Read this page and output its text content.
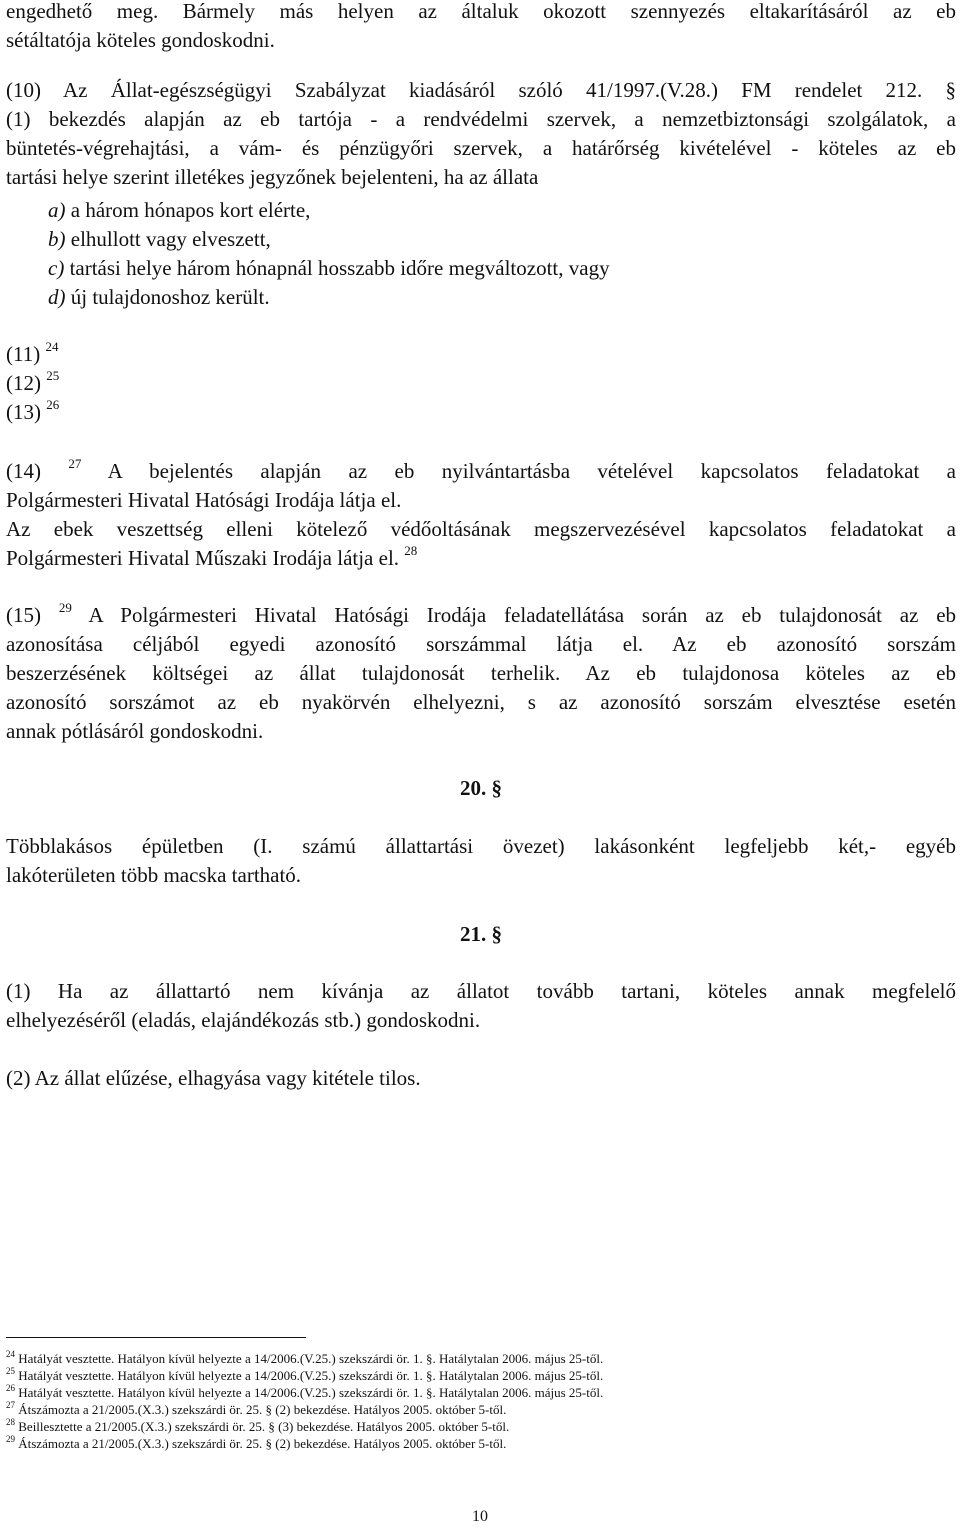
engedhető meg. Bármely más helyen az általuk okozott szennyezés eltakarításáról az eb
sétáltatója köteles gondoskodni.
(10) Az Állat-egészségügyi Szabályzat kiadásáról szóló 41/1997.(V.28.) FM rendelet 212. §
(1) bekezdés alapján az eb tartója - a rendvédelmi szervek, a nemzetbiztonsági szolgálatok, a
büntetés-végrehajtási, a vám- és pénzügyőri szervek, a határőrség kivételével - köteles az eb
tartási helye szerint illetékes jegyzőnek bejelenteni, ha az állata
a) a három hónapos kort elérte,
b) elhullott vagy elveszett,
c) tartási helye három hónapnál hosszabb időre megváltozott, vagy
d) új tulajdonoshoz került.
(11) $^{24}$
(12) $^{25}$
(13) $^{26}$
(14) $^{27}$ A bejelentés alapján az eb nyilvántartásba vételével kapcsolatos feladatokat a
Polgármesteri Hivatal Hatósági Irodája látja el.
Az ebek veszettség elleni kötelező védőoltásának megszervezésével kapcsolatos feladatokat a
Polgármesteri Hivatal Műszaki Irodája látja el. $^{28}$
(15) $^{29}$ A Polgármesteri Hivatal Hatósági Irodája feladatellátása során az eb tulajdonosát az eb
azonosítása céljából egyedi azonosító sorszámmal látja el. Az eb azonosító sorszám
beszerzésének költségei az állat tulajdonosát terhelik. Az eb tulajdonosa köteles az eb
azonosító sorszámot az eb nyakörvén elhelyezni, s az azonosító sorszám elvesztése esetén
annak pótlásáról gondoskodni.
20. §
Többlakásos épületben (I. számú állattartási övezet) lakásonként legfeljebb két,- egyéb
lakóterületen több macska tartható.
21. §
(1) Ha az állattartó nem kívánja az állatot tovább tartani, köteles annak megfelelő
elhelyezéséről (eladás, elajándékozás stb.) gondoskodni.
(2) Az állat elűzése, elhagyása vagy kitétele tilos.
$^{24}$ Hatályát vesztette. Hatályon kívül helyezte a 14/2006.(V.25.) szekszárdi ör. 1. §. Hatálytalan 2006. május 25-től.
$^{25}$ Hatályát vesztette. Hatályon kívül helyezte a 14/2006.(V.25.) szekszárdi ör. 1. §. Hatálytalan 2006. május 25-től.
$^{26}$ Hatályát vesztette. Hatályon kívül helyezte a 14/2006.(V.25.) szekszárdi ör. 1. §. Hatálytalan 2006. május 25-től.
$^{27}$ Átszámozta a 21/2005.(X.3.) szekszárdi ör. 25. § (2) bekezdése. Hatályos 2005. október 5-től.
$^{28}$ Beillesztette a 21/2005.(X.3.) szekszárdi ör. 25. § (3) bekezdése. Hatályos 2005. október 5-től.
$^{29}$ Átszámozta a 21/2005.(X.3.) szekszárdi ör. 25. § (2) bekezdése. Hatályos 2005. október 5-től.
10
